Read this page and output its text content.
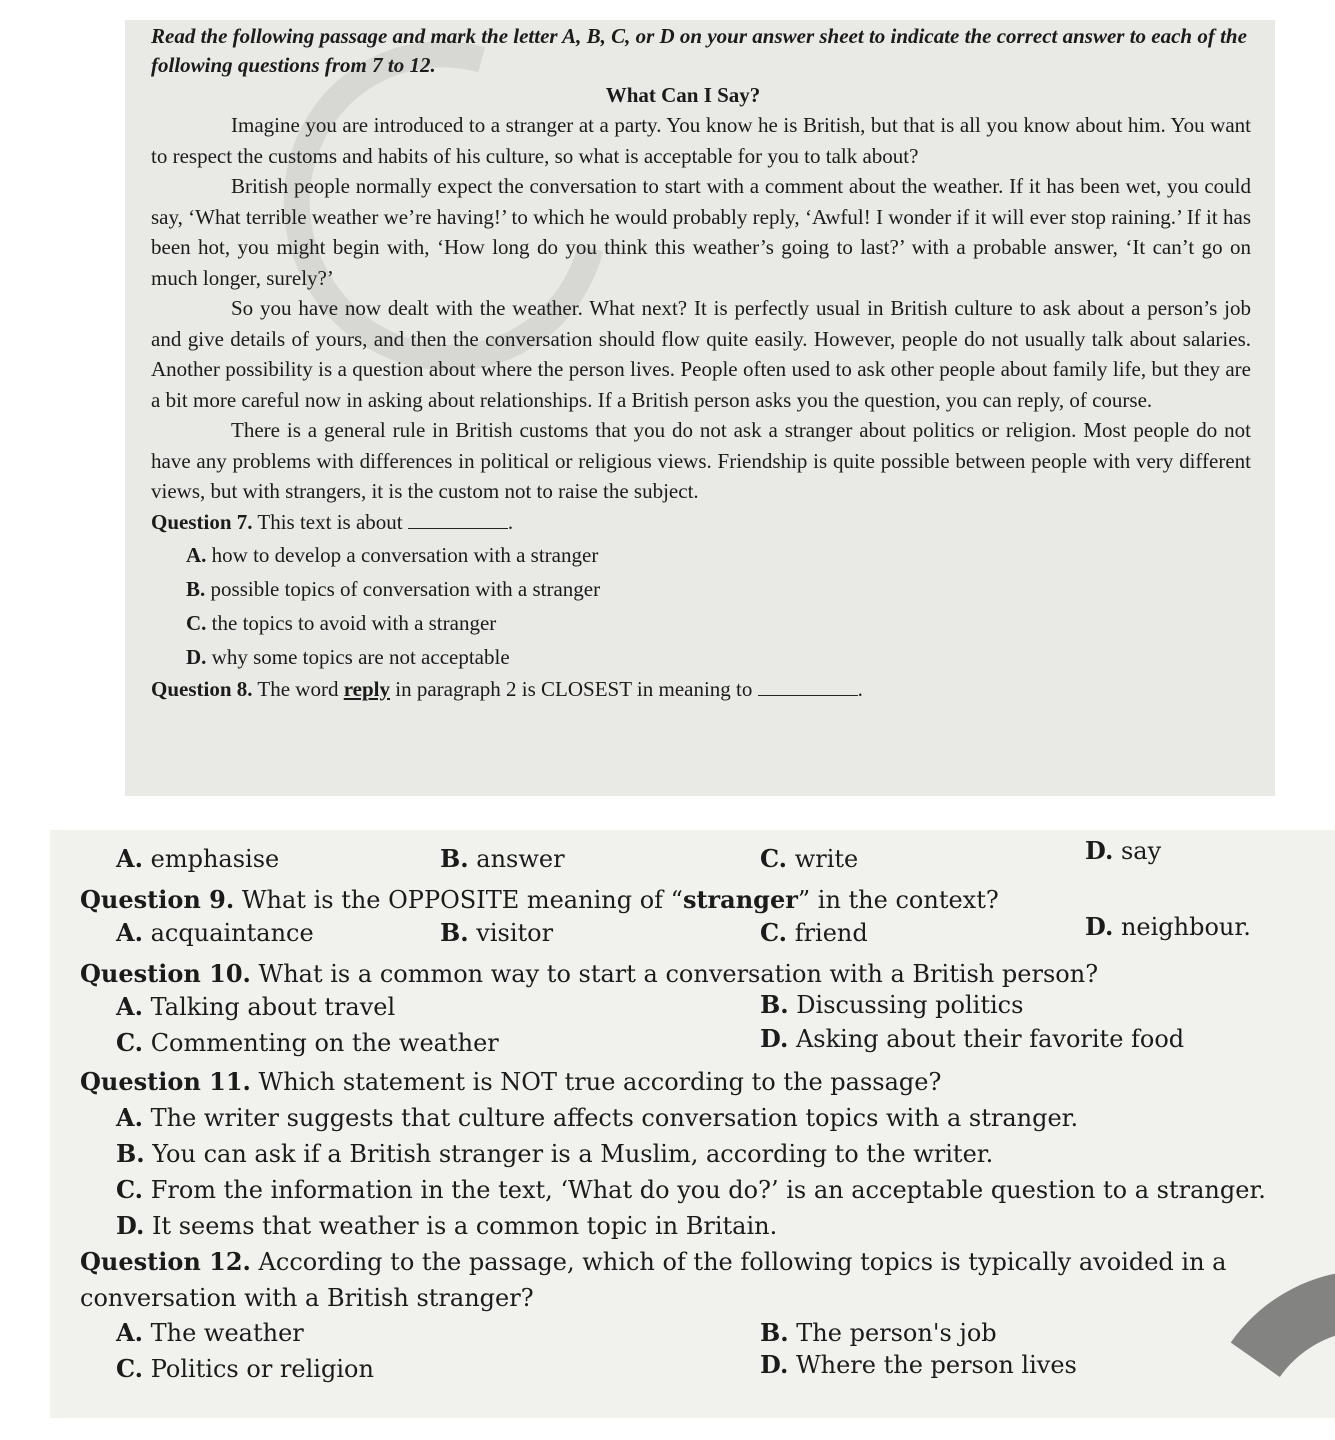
Read the following passage and mark the letter A, B, C, or D on your answer sheet to indicate the correct answer to each of the following questions from 7 to 12.

What Can I Say?

Imagine you are introduced to a stranger at a party. You know he is British, but that is all you know about him. You want to respect the customs and habits of his culture, so what is acceptable for you to talk about?

British people normally expect the conversation to start with a comment about the weather. If it has been wet, you could say, ‘What terrible weather we’re having!’ to which he would probably reply, ‘Awful! I wonder if it will ever stop raining.’ If it has been hot, you might begin with, ‘How long do you think this weather’s going to last?’ with a probable answer, ‘It can’t go on much longer, surely?’

So you have now dealt with the weather. What next? It is perfectly usual in British culture to ask about a person’s job and give details of yours, and then the conversation should flow quite easily. However, people do not usually talk about salaries. Another possibility is a question about where the person lives. People often used to ask other people about family life, but they are a bit more careful now in asking about relationships. If a British person asks you the question, you can reply, of course.

There is a general rule in British customs that you do not ask a stranger about politics or religion. Most people do not have any problems with differences in political or religious views. Friendship is quite possible between people with very different views, but with strangers, it is the custom not to raise the subject.

Question 7. This text is about	.

A. how to develop a conversation with a stranger

B. possible topics of conversation with a stranger

C. the topics to avoid with a stranger

D. why some topics are not acceptable

Question 8. The word reply in paragraph 2 is CLOSEST in meaning to	.

A. emphasise	B. answer	C. write	D. say

Question 9. What is the OPPOSITE meaning of “stranger” in the context?

A. acquaintance	B. visitor	C. friend	D. neighbour.

Question 10. What is a common way to start a conversation with a British person?

A. Talking about travel	B. Discussing politics
C. Commenting on the weather	D. Asking about their favorite food

Question 11. Which statement is NOT true according to the passage?

A. The writer suggests that culture affects conversation topics with a stranger.

B. You can ask if a British stranger is a Muslim, according to the writer.

C. From the information in the text, ‘What do you do?’ is an acceptable question to a stranger.

D. It seems that weather is a common topic in Britain.

Question 12. According to the passage, which of the following topics is typically avoided in a conversation with a British stranger?

A. The weather	B. The person's job
C. Politics or religion	D. Where the person lives
